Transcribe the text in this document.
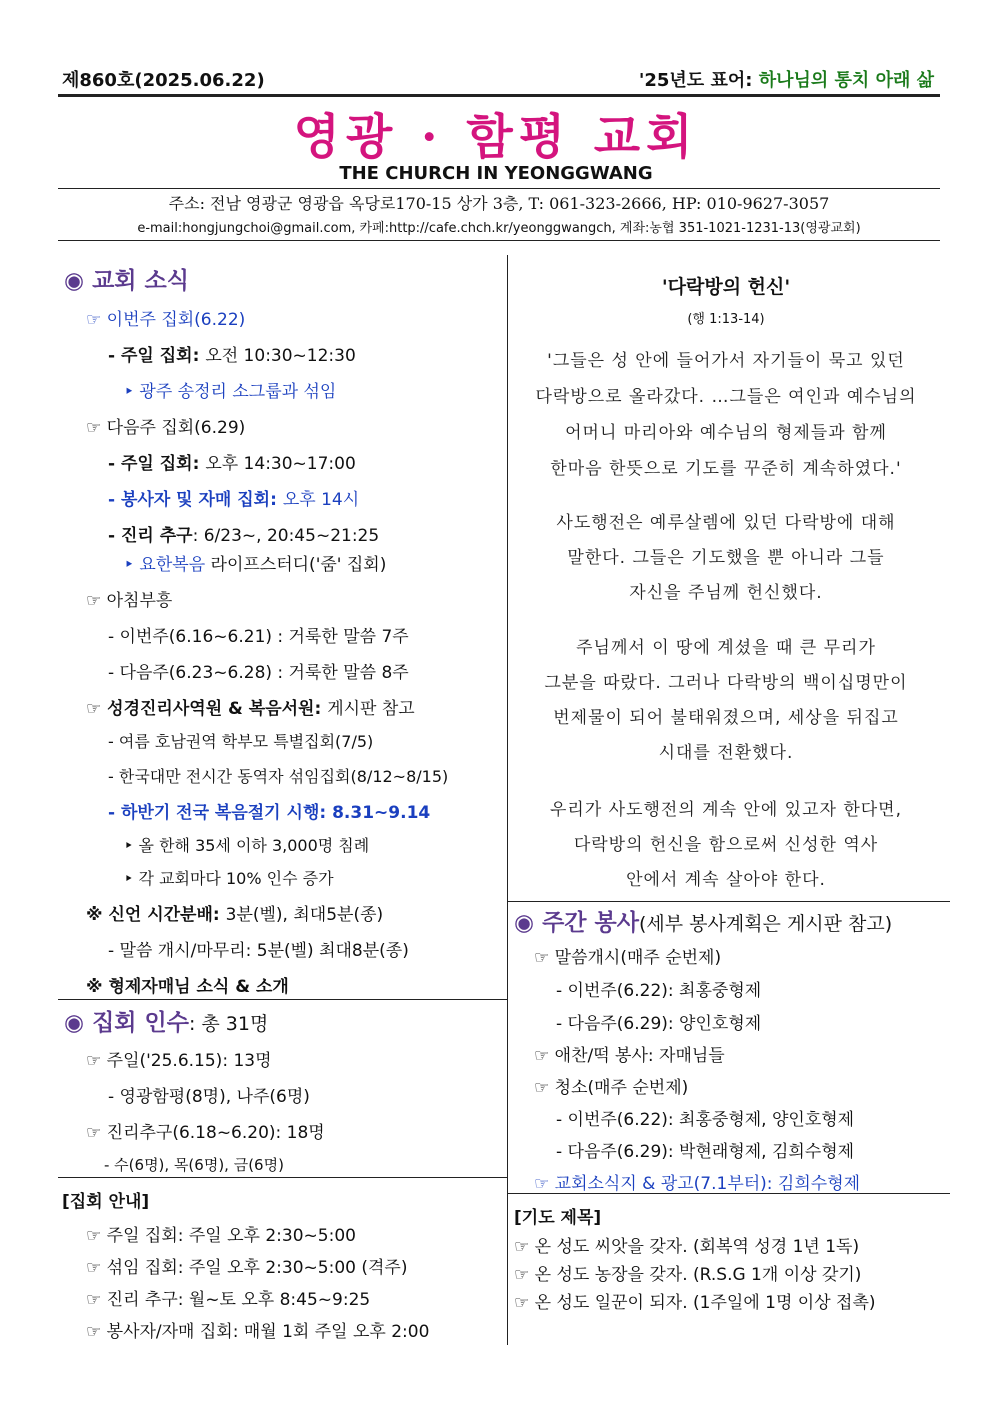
제860호(2025.06.22)	'25년도 표어: 하나님의 통치 아래 삶
영광 · 함평 교회
THE CHURCH IN YEONGGWANG
주소: 전남 영광군 영광읍 옥당로170-15 상가 3층, T: 061-323-2666, HP: 010-9627-3057
e-mail:hongjungchoi@gmail.com, 카페:http://cafe.chch.kr/yeonggwangch, 계좌:농협 351-1021-1231-13(영광교회)
◉ 교회 소식
☞ 이번주 집회(6.22)
- 주일 집회: 오전 10:30~12:30
‣ 광주 송정리 소그룹과 섞임
☞ 다음주 집회(6.29)
- 주일 집회: 오후 14:30~17:00
- 봉사자 및 자매 집회: 오후 14시
- 진리 추구: 6/23~, 20:45~21:25
‣ 요한복음 라이프스터디('줌' 집회)
☞ 아침부흥
- 이번주(6.16~6.21) : 거룩한 말씀 7주
- 다음주(6.23~6.28) : 거룩한 말씀 8주
☞ 성경진리사역원 & 복음서원: 게시판 참고
- 여름 호남권역 학부모 특별집회(7/5)
- 한국대만 전시간 동역자 섞임집회(8/12~8/15)
- 하반기 전국 복음절기 시행: 8.31~9.14
‣ 올 한해 35세 이하 3,000명 침례
‣ 각 교회마다 10% 인수 증가
※ 신언 시간분배: 3분(벨), 최대5분(종)
- 말씀 개시/마무리: 5분(벨) 최대8분(종)
※ 형제자매님 소식 & 소개
◉ 집회 인수: 총 31명
☞ 주일('25.6.15): 13명
- 영광함평(8명), 나주(6명)
☞ 진리추구(6.18~6.20): 18명
- 수(6명), 목(6명), 금(6명)
[집회 안내]
☞ 주일 집회: 주일 오후 2:30~5:00
☞ 섞임 집회: 주일 오후 2:30~5:00 (격주)
☞ 진리 추구: 월~토 오후 8:45~9:25
☞ 봉사자/자매 집회: 매월 1회 주일 오후 2:00
'다락방의 헌신'
(행 1:13-14)
'그들은 성 안에 들어가서 자기들이 묵고 있던
다락방으로 올라갔다. …그들은 여인과 예수님의
어머니 마리아와 예수님의 형제들과 함께
한마음 한뜻으로 기도를 꾸준히 계속하였다.'
사도행전은 예루살렘에 있던 다락방에 대해
말한다. 그들은 기도했을 뿐 아니라 그들
자신을 주님께 헌신했다.
주님께서 이 땅에 계셨을 때 큰 무리가
그분을 따랐다. 그러나 다락방의 백이십명만이
번제물이 되어 불태워졌으며, 세상을 뒤집고
시대를 전환했다.
우리가 사도행전의 계속 안에 있고자 한다면,
다락방의 헌신을 함으로써 신성한 역사
안에서 계속 살아야 한다.
◉ 주간 봉사(세부 봉사계획은 게시판 참고)
☞ 말씀개시(매주 순번제)
- 이번주(6.22): 최홍중형제
- 다음주(6.29): 양인호형제
☞ 애찬/떡 봉사: 자매님들
☞ 청소(매주 순번제)
- 이번주(6.22): 최홍중형제, 양인호형제
- 다음주(6.29): 박현래형제, 김희수형제
☞ 교회소식지 & 광고(7.1부터): 김희수형제
[기도 제목]
☞ 온 성도 씨앗을 갖자. (회복역 성경 1년 1독)
☞ 온 성도 농장을 갖자. (R.S.G 1개 이상 갖기)
☞ 온 성도 일꾼이 되자. (1주일에 1명 이상 접촉)
